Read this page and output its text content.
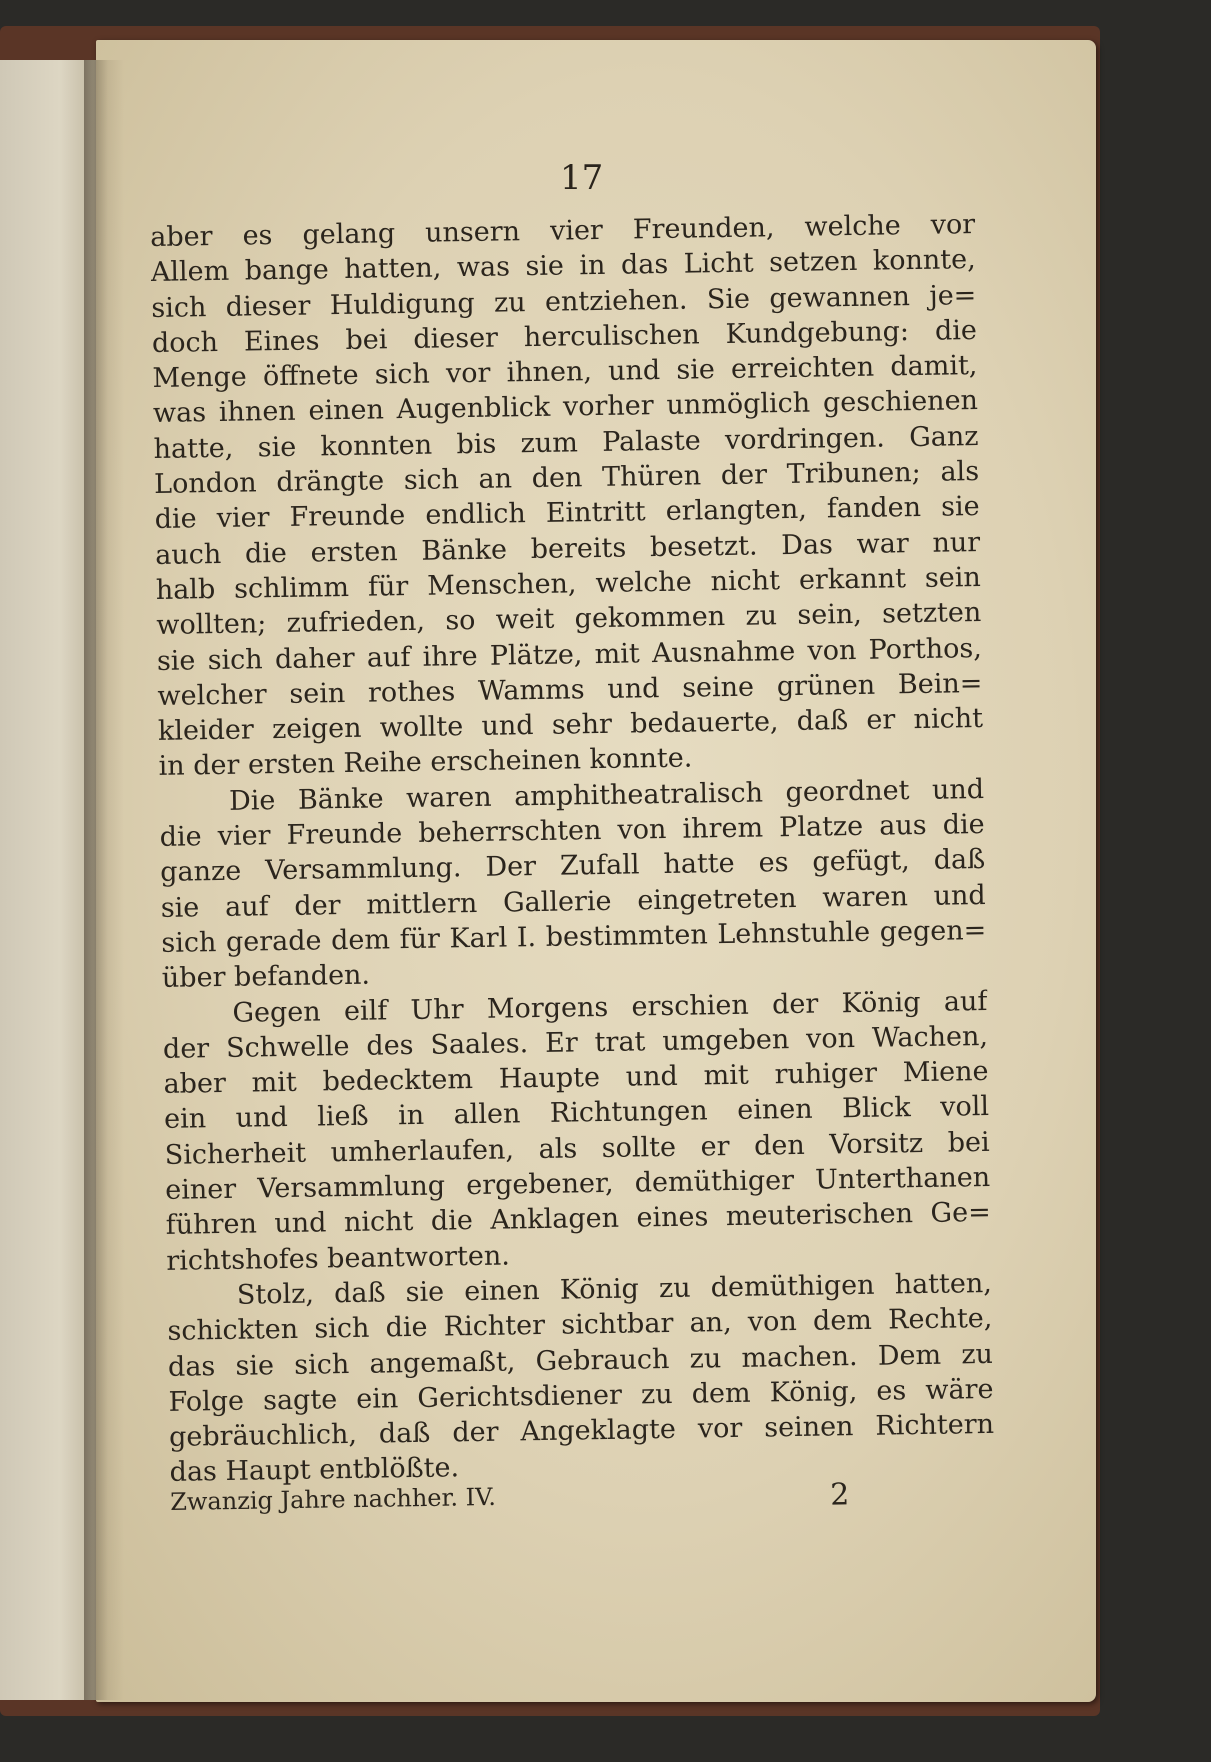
17
aber es gelang unsern vier Freunden, welche vor
Allem bange hatten, was sie in das Licht setzen konnte,
sich dieser Huldigung zu entziehen. Sie gewannen je=
doch Eines bei dieser herculischen Kundgebung: die
Menge öffnete sich vor ihnen, und sie erreichten damit,
was ihnen einen Augenblick vorher unmöglich geschienen
hatte, sie konnten bis zum Palaste vordringen. Ganz
London drängte sich an den Thüren der Tribunen; als
die vier Freunde endlich Eintritt erlangten, fanden sie
auch die ersten Bänke bereits besetzt. Das war nur
halb schlimm für Menschen, welche nicht erkannt sein
wollten; zufrieden, so weit gekommen zu sein, setzten
sie sich daher auf ihre Plätze, mit Ausnahme von Porthos,
welcher sein rothes Wamms und seine grünen Bein=
kleider zeigen wollte und sehr bedauerte, daß er nicht
in der ersten Reihe erscheinen konnte.
Die Bänke waren amphitheatralisch geordnet und
die vier Freunde beherrschten von ihrem Platze aus die
ganze Versammlung. Der Zufall hatte es gefügt, daß
sie auf der mittlern Gallerie eingetreten waren und
sich gerade dem für Karl I. bestimmten Lehnstuhle gegen=
über befanden.
Gegen eilf Uhr Morgens erschien der König auf
der Schwelle des Saales. Er trat umgeben von Wachen,
aber mit bedecktem Haupte und mit ruhiger Miene
ein und ließ in allen Richtungen einen Blick voll
Sicherheit umherlaufen, als sollte er den Vorsitz bei
einer Versammlung ergebener, demüthiger Unterthanen
führen und nicht die Anklagen eines meuterischen Ge=
richtshofes beantworten.
Stolz, daß sie einen König zu demüthigen hatten,
schickten sich die Richter sichtbar an, von dem Rechte,
das sie sich angemaßt, Gebrauch zu machen. Dem zu
Folge sagte ein Gerichtsdiener zu dem König, es wäre
gebräuchlich, daß der Angeklagte vor seinen Richtern
das Haupt entblößte.
Zwanzig Jahre nachher. IV.	2
